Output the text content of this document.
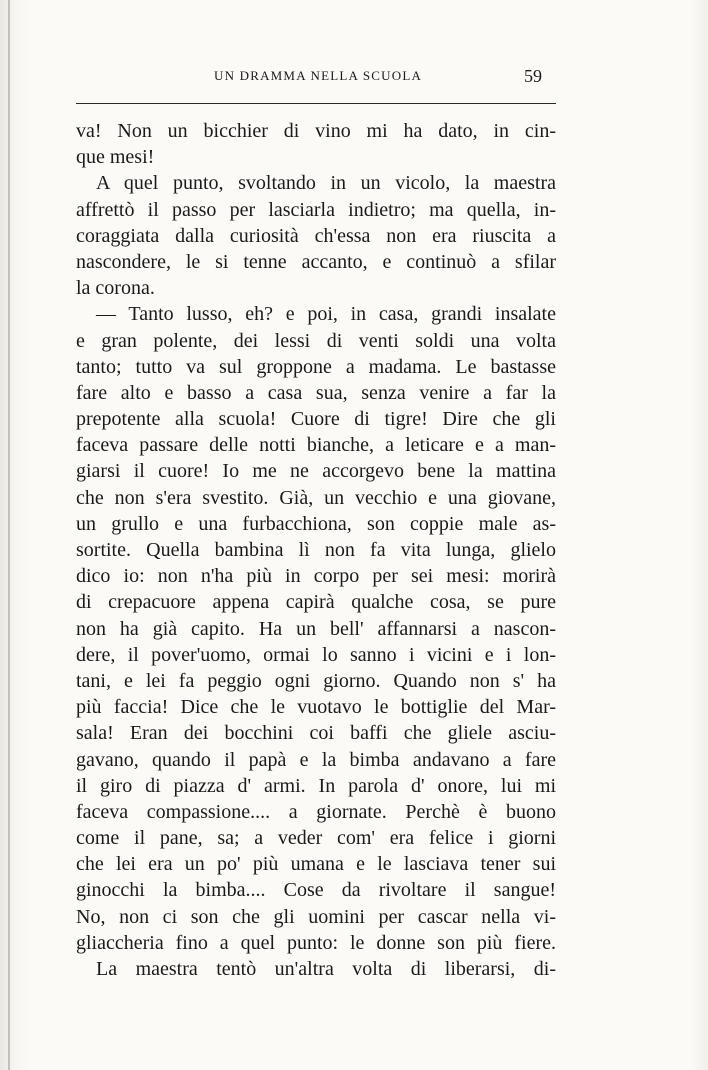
UN DRAMMA NELLA SCUOLA	59
va! Non un bicchier di vino mi ha dato, in cin-
que mesi!
A quel punto, svoltando in un vicolo, la maestra
affrettò il passo per lasciarla indietro; ma quella, in-
coraggiata dalla curiosità ch'essa non era riuscita a
nascondere, le si tenne accanto, e continuò a sfilar
la corona.
— Tanto lusso, eh? e poi, in casa, grandi insalate
e gran polente, dei lessi di venti soldi una volta
tanto; tutto va sul groppone a madama. Le bastasse
fare alto e basso a casa sua, senza venire a far la
prepotente alla scuola! Cuore di tigre! Dire che gli
faceva passare delle notti bianche, a leticare e a man-
giarsi il cuore! Io me ne accorgevo bene la mattina
che non s'era svestito. Già, un vecchio e una giovane,
un grullo e una furbacchiona, son coppie male as-
sortite. Quella bambina lì non fa vita lunga, glielo
dico io: non n'ha più in corpo per sei mesi: morirà
di crepacuore appena capirà qualche cosa, se pure
non ha già capito. Ha un bell' affannarsi a nascon-
dere, il pover'uomo, ormai lo sanno i vicini e i lon-
tani, e lei fa peggio ogni giorno. Quando non s' ha
più faccia! Dice che le vuotavo le bottiglie del Mar-
sala! Eran dei bocchini coi baffi che gliele asciu-
gavano, quando il papà e la bimba andavano a fare
il giro di piazza d' armi. In parola d' onore, lui mi
faceva compassione.... a giornate. Perchè è buono
come il pane, sa; a veder com' era felice i giorni
che lei era un po' più umana e le lasciava tener sui
ginocchi la bimba.... Cose da rivoltare il sangue!
No, non ci son che gli uomini per cascar nella vi-
gliaccheria fino a quel punto: le donne son più fiere.
La maestra tentò un'altra volta di liberarsi, di-
